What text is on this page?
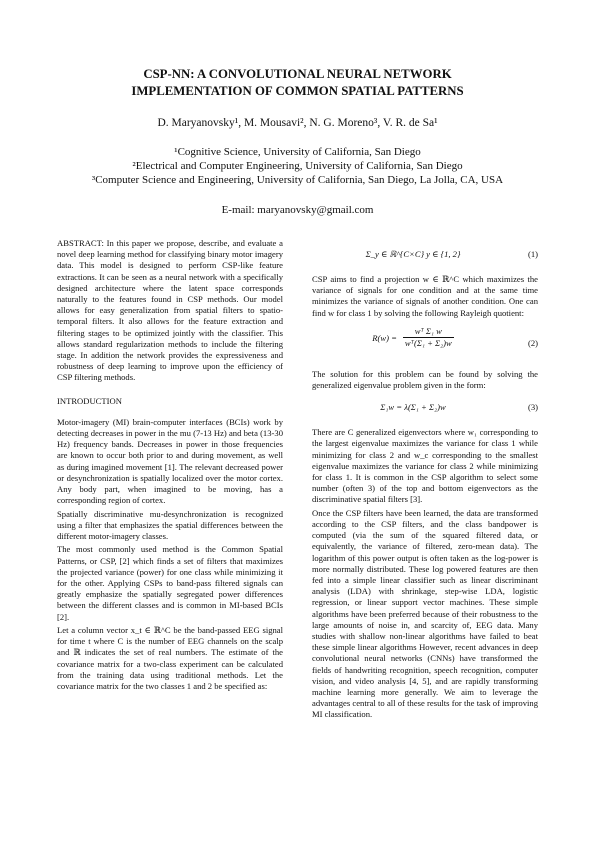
CSP-NN: A CONVOLUTIONAL NEURAL NETWORK
IMPLEMENTATION OF COMMON SPATIAL PATTERNS
D. Maryanovsky¹, M. Mousavi², N. G. Moreno³, V. R. de Sa¹
¹Cognitive Science, University of California, San Diego
²Electrical and Computer Engineering, University of California, San Diego
³Computer Science and Engineering, University of California, San Diego, La Jolla, CA, USA
E-mail: maryanovsky@gmail.com

ABSTRACT: In this paper we propose, describe, and evaluate a novel deep learning method for classifying binary motor imagery data. This model is designed to perform CSP-like feature extractions. It can be seen as a neural network with a specifically designed architecture where the latent space corresponds naturally to the features found in CSP methods. Our model allows for easy generalization from spatial filters to spatio-temporal filters. It also allows for the feature extraction and filtering stages to be optimized jointly with the classifier. This allows standard regularization methods to include the filtering stage. In addition the network provides the expressiveness and robustness of deep learning to improve upon the efficiency of CSP filtering methods.

INTRODUCTION

Motor-imagery (MI) brain-computer interfaces (BCIs) work by detecting decreases in power in the mu (7-13 Hz) and beta (13-30 Hz) frequency bands. Decreases in power in those frequencies are known to occur both prior to and during movement, as well as during imagined movement [1]. The relevant decreased power or desynchronization is spatially localized over the motor cortex. Any body part, when imagined to be moving, has a corresponding region of cortex.

Spatially discriminative mu-desynchronization is recognized using a filter that emphasizes the spatial differences between the different motor-imagery classes.

The most commonly used method is the Common Spatial Patterns, or CSP, [2] which finds a set of filters that maximizes the projected variance (power) for one class while minimizing it for the other. Applying CSPs to band-pass filtered signals can greatly emphasize the spatially segregated power differences between the different classes and is common in MI-based BCIs [2].

Let a column vector x_t ∈ ℝ^C be the band-passed EEG signal for time t where C is the number of EEG channels on the scalp and ℝ indicates the set of real numbers. The estimate of the covariance matrix for a two-class experiment can be calculated from the training data using traditional methods. Let the covariance matrix for the two classes 1 and 2 be specified as:

Σ_y ∈ ℝ^{C×C} y ∈ {1, 2}	(1)

CSP aims to find a projection w ∈ ℝ^C which maximizes the variance of signals for one condition and at the same time minimizes the variance of signals of another condition. One can find w for class 1 by solving the following Rayleigh quotient:

$R(w) = \frac{\text{wᵀ Σ₁ w}}{\text{wᵀ(Σ₁ + Σ₂)w}}$	(2)

The solution for this problem can be found by solving the generalized eigenvalue problem given in the form:

Σ₁w = λ(Σ₁ + Σ₂)w	(3)

There are C generalized eigenvectors where w₁ corresponding to the largest eigenvalue maximizes the variance for class 1 while minimizing for class 2 and w_c corresponding to the smallest eigenvalue maximizes the variance for class 2 while minimizing for class 1. It is common in the CSP algorithm to select some number (often 3) of the top and bottom eigenvectors as the discriminative spatial filters [3].

Once the CSP filters have been learned, the data are transformed according to the CSP filters, and the class bandpower is computed (via the sum of the squared filtered data, or equivalently, the variance of filtered, zero-mean data). The logarithm of this power output is often taken as the log-power is more normally distributed. These log powered features are then fed into a simple linear classifier such as linear discriminant analysis (LDA) with shrinkage, step-wise LDA, logistic regression, or linear support vector machines. These simple algorithms have been preferred because of their robustness to the large amounts of noise in, and scarcity of, EEG data. Many studies with shallow non-linear algorithms have failed to beat these simple linear algorithms However, recent advances in deep convolutional neural networks (CNNs) have transformed the fields of handwriting recognition, speech recognition, computer vision, and video analysis [4, 5], and are rapidly transforming machine learning more generally. We aim to leverage the advantages central to all of these results for the task of improving MI classification.
